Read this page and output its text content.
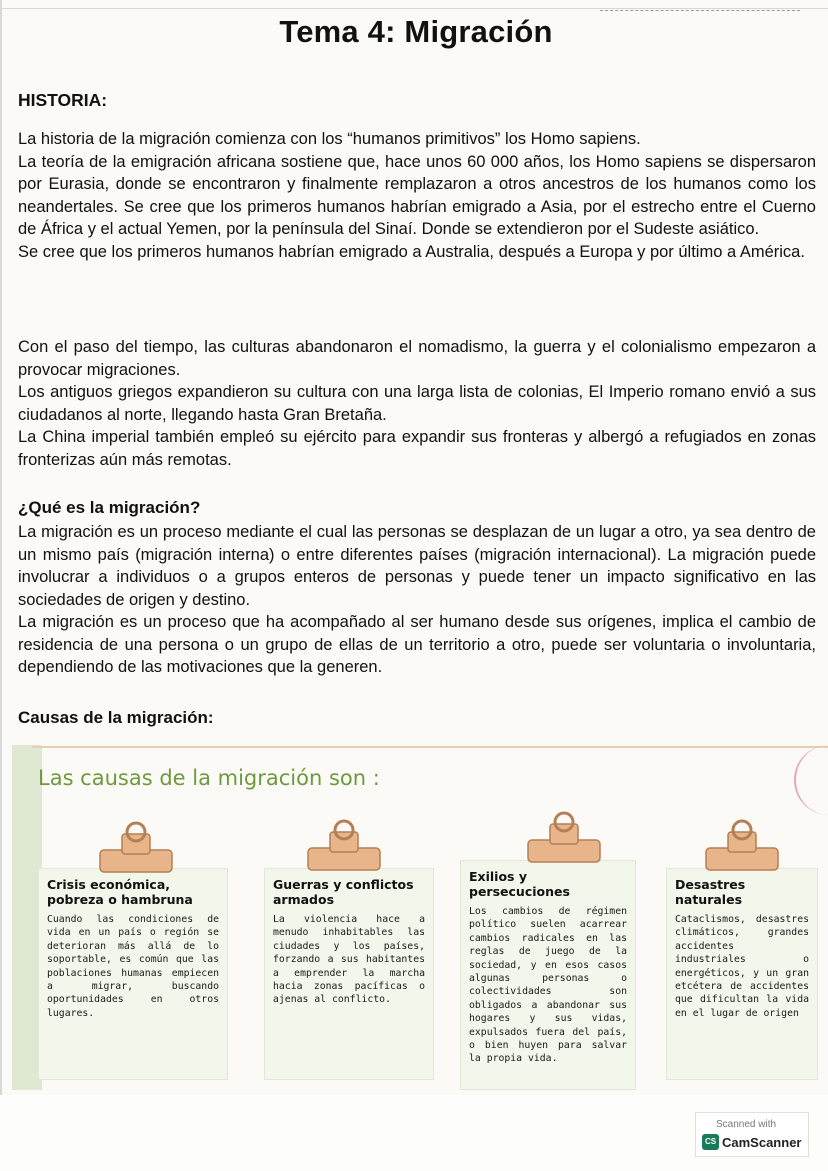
Tema 4: Migración
HISTORIA:

La historia de la migración comienza con los “humanos primitivos” los Homo sapiens.

La teoría de la emigración africana sostiene que, hace unos 60 000 años, los Homo sapiens se dispersaron por Eurasia, donde se encontraron y finalmente remplazaron a otros ancestros de los humanos como los neandertales. Se cree que los primeros humanos habrían emigrado a Asia, por el estrecho entre el Cuerno de África y el actual Yemen, por la península del Sinaí. Donde se extendieron por el Sudeste asiático.

Se cree que los primeros humanos habrían emigrado a Australia, después a Europa y por último a América.

Con el paso del tiempo, las culturas abandonaron el nomadismo, la guerra y el colonialismo empezaron a provocar migraciones.

Los antiguos griegos expandieron su cultura con una larga lista de colonias, El Imperio romano envió a sus ciudadanos al norte, llegando hasta Gran Bretaña.

La China imperial también empleó su ejército para expandir sus fronteras y albergó a refugiados en zonas fronterizas aún más remotas.

¿Qué es la migración?

La migración es un proceso mediante el cual las personas se desplazan de un lugar a otro, ya sea dentro de un mismo país (migración interna) o entre diferentes países (migración internacional). La migración puede involucrar a individuos o a grupos enteros de personas y puede tener un impacto significativo en las sociedades de origen y destino.

La migración es un proceso que ha acompañado al ser humano desde sus orígenes, implica el cambio de residencia de una persona o un grupo de ellas de un territorio a otro, puede ser voluntaria o involuntaria, dependiendo de las motivaciones que la generen.

Causas de la migración:
Las causas de la migración son :
Crisis económica, pobreza o hambruna

Cuando las condiciones de vida en un país o región se deterioran más allá de lo soportable, es común que las poblaciones humanas empiecen a migrar, buscando oportunidades en otros lugares.

Guerras y conflictos armados

La violencia hace a menudo inhabitables las ciudades y los países, forzando a sus habitantes a emprender la marcha hacia zonas pacíficas o ajenas al conflicto.

Exilios y persecuciones

Los cambios de régimen político suelen acarrear cambios radicales en las reglas de juego de la sociedad, y en esos casos algunas personas o colectividades son obligados a abandonar sus hogares y sus vidas, expulsados fuera del país, o bien huyen para salvar la propia vida.

Desastres naturales

Cataclismos, desastres climáticos, grandes accidentes industriales o energéticos, y un gran etcétera de accidentes que dificultan la vida en el lugar de origen

Scanned with
CS CamScanner
